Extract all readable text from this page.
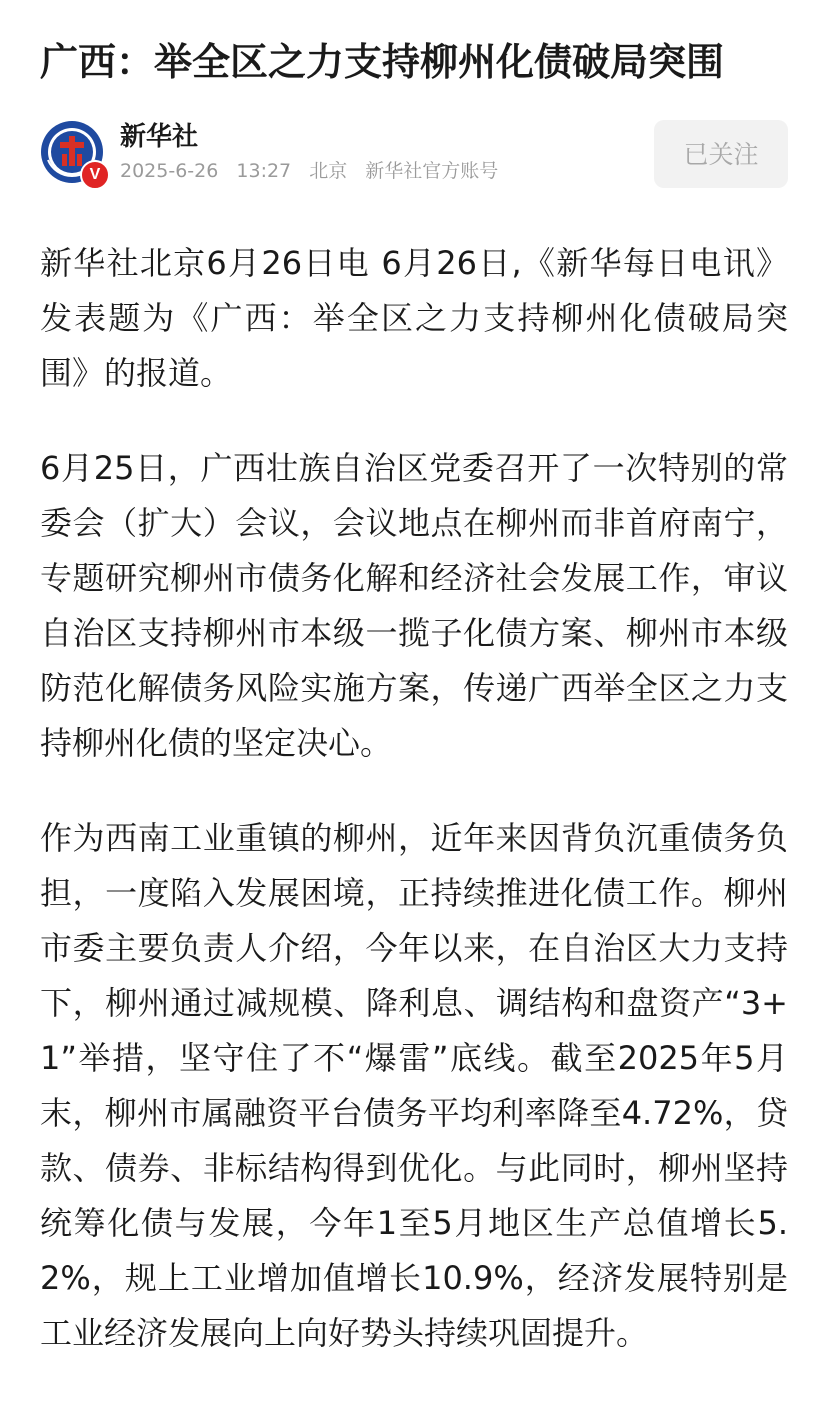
广西：举全区之力支持柳州化债破局突围
V
新华社
2025-6-26 13:27 北京 新华社官方账号
已关注

新华社北京6月26日电 6月26日,《新华每日电讯》发表题为《广西：举全区之力支持柳州化债破局突围》的报道。

6月25日，广西壮族自治区党委召开了一次特别的常委会（扩大）会议，会议地点在柳州而非首府南宁，专题研究柳州市债务化解和经济社会发展工作，审议自治区支持柳州市本级一揽子化债方案、柳州市本级防范化解债务风险实施方案，传递广西举全区之力支持柳州化债的坚定决心。

作为西南工业重镇的柳州，近年来因背负沉重债务负担，一度陷入发展困境，正持续推进化债工作。柳州市委主要负责人介绍，今年以来，在自治区大力支持下，柳州通过减规模、降利息、调结构和盘资产“3+1”举措，坚守住了不“爆雷”底线。截至2025年5月末，柳州市属融资平台债务平均利率降至4.72%，贷款、债券、非标结构得到优化。与此同时，柳州坚持统筹化债与发展，今年1至5月地区生产总值增长5.2%，规上工业增加值增长10.9%，经济发展特别是工业经济发展向上向好势头持续巩固提升。
